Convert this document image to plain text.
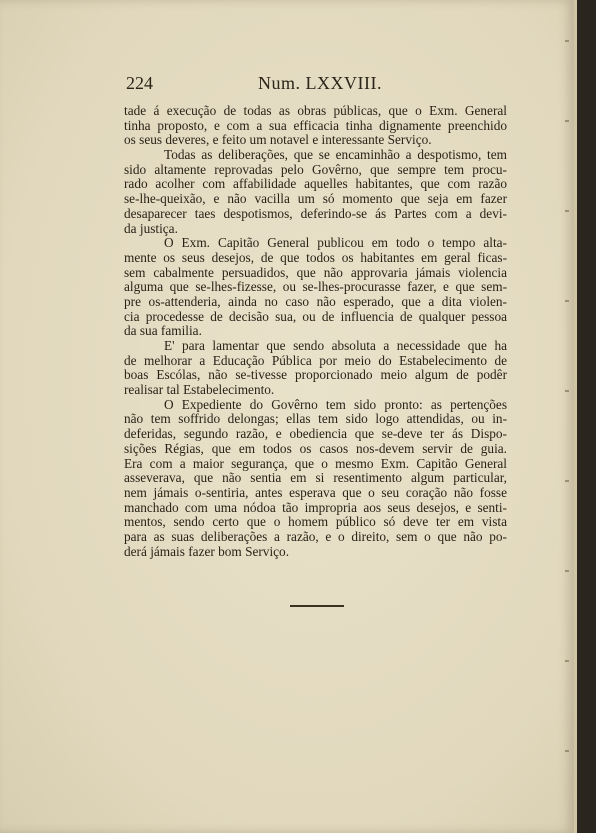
224	Num. LXXVIII.
tade á execução de todas as obras públicas, que o Exm. General
tinha proposto, e com a sua efficacia tinha dignamente preenchido
os seus deveres, e feito um notavel e interessante Serviço.
Todas as deliberações, que se encaminhão a despotismo, tem
sido altamente reprovadas pelo Govêrno, que sempre tem procu-
rado acolher com affabilidade aquelles habitantes, que com razão
se-lhe-queixão, e não vacilla um só momento que seja em fazer
desaparecer taes despotismos, deferindo-se ás Partes com a devi-
da justiça.
O Exm. Capitão General publicou em todo o tempo alta-
mente os seus desejos, de que todos os habitantes em geral ficas-
sem cabalmente persuadidos, que não approvaria jámais violencia
alguma que se-lhes-fizesse, ou se-lhes-procurasse fazer, e que sem-
pre os-attenderia, ainda no caso não esperado, que a dita violen-
cia procedesse de decisão sua, ou de influencia de qualquer pessoa
da sua familia.
E' para lamentar que sendo absoluta a necessidade que ha
de melhorar a Educação Pública por meio do Estabelecimento de
boas Escólas, não se-tivesse proporcionado meio algum de podêr
realisar tal Estabelecimento.
O Expediente do Govêrno tem sido pronto: as pertenções
não tem soffrido delongas; ellas tem sido logo attendidas, ou in-
deferidas, segundo razão, e obediencia que se-deve ter ás Dispo-
sições Régias, que em todos os casos nos-devem servir de guia.
Era com a maior segurança, que o mesmo Exm. Capitão General
asseverava, que não sentia em si resentimento algum particular,
nem jámais o-sentiria, antes esperava que o seu coração não fosse
manchado com uma nódoa tão impropria aos seus desejos, e senti-
mentos, sendo certo que o homem público só deve ter em vista
para as suas deliberações a razão, e o direito, sem o que não po-
derá jámais fazer bom Serviço.
